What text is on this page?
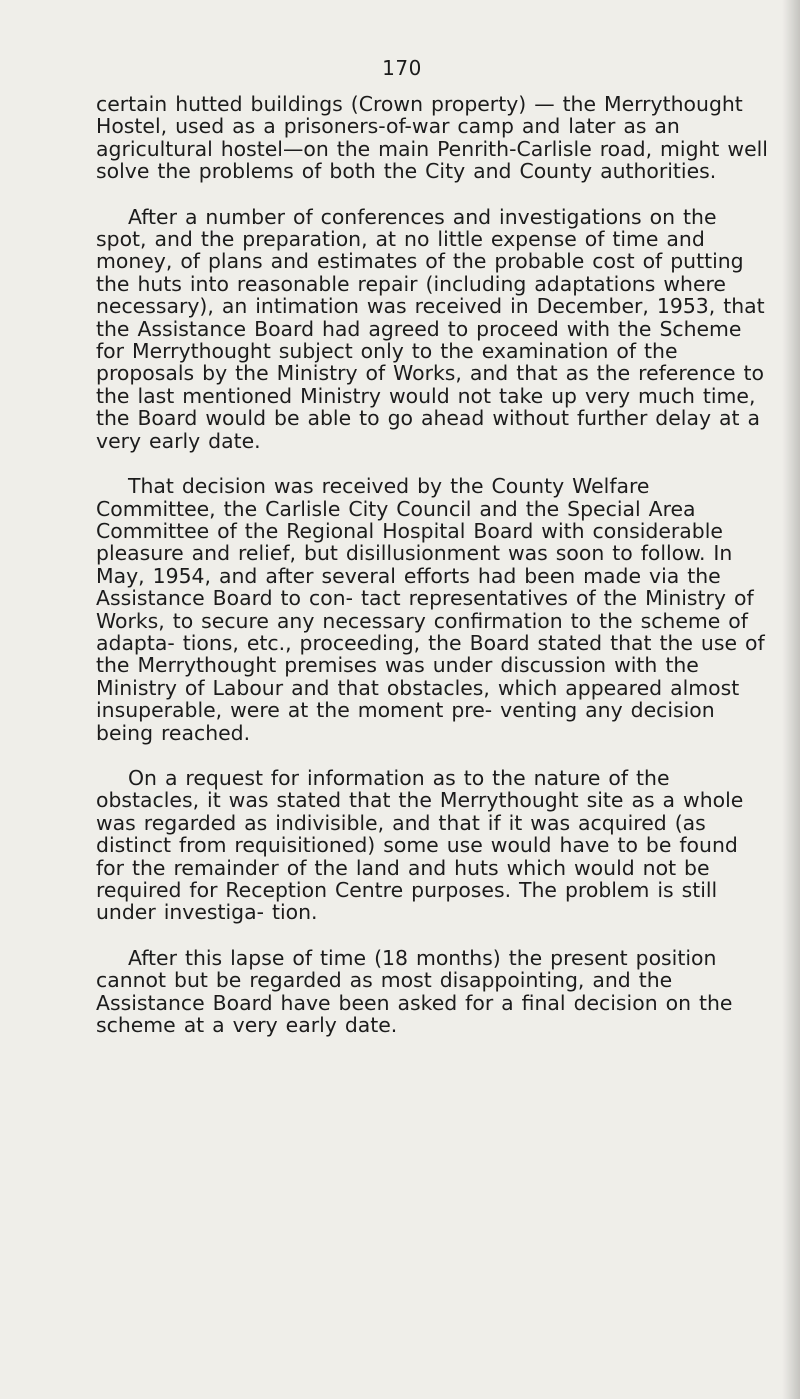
170

certain hutted buildings (Crown property) — the Merrythought Hostel, used as a prisoners-of-war camp and later as an agricultural hostel—on the main Penrith-Carlisle road, might well solve the problems of both the City and County authorities.

After a number of conferences and investigations on the spot, and the preparation, at no little expense of time and money, of plans and estimates of the probable cost of putting the huts into reasonable repair (including adaptations where necessary), an intimation was received in December, 1953, that the Assistance Board had agreed to proceed with the Scheme for Merrythought subject only to the examination of the proposals by the Ministry of Works, and that as the reference to the last mentioned Ministry would not take up very much time, the Board would be able to go ahead without further delay at a very early date.

That decision was received by the County Welfare Committee, the Carlisle City Council and the Special Area Committee of the Regional Hospital Board with considerable pleasure and relief, but disillusionment was soon to follow. In May, 1954, and after several efforts had been made via the Assistance Board to con- tact representatives of the Ministry of Works, to secure any necessary confirmation to the scheme of adapta- tions, etc., proceeding, the Board stated that the use of the Merrythought premises was under discussion with the Ministry of Labour and that obstacles, which appeared almost insuperable, were at the moment pre- venting any decision being reached.

On a request for information as to the nature of the obstacles, it was stated that the Merrythought site as a whole was regarded as indivisible, and that if it was acquired (as distinct from requisitioned) some use would have to be found for the remainder of the land and huts which would not be required for Reception Centre purposes. The problem is still under investiga- tion.

After this lapse of time (18 months) the present position cannot but be regarded as most disappointing, and the Assistance Board have been asked for a final decision on the scheme at a very early date.
